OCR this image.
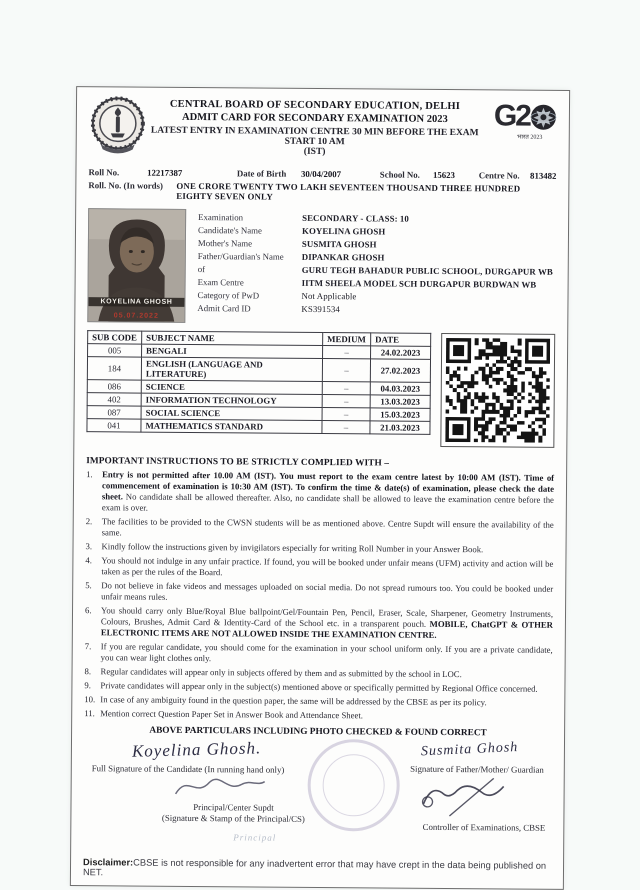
CENTRAL BOARD OF SECONDARY EDUCATION, DELHI
ADMIT CARD FOR SECONDARY EXAMINATION 2023
LATEST ENTRY IN EXAMINATION CENTRE 30 MIN BEFORE THE EXAM START 10 AM
(IST)
G2
भारत 2023
Roll No.	12217387	Date of Birth	30/04/2007	School No.	15623	Centre No.	813482
Roll. No. (In words)	ONE CRORE TWENTY TWO LAKH SEVENTEEN THOUSAND THREE HUNDRED EIGHTY SEVEN ONLY
KOYELINA GHOSH
05.07.2022
Examination	SECONDARY - CLASS: 10
Candidate's Name	KOYELINA GHOSH
Mother's Name	SUSMITA GHOSH
Father/Guardian's Name	DIPANKAR GHOSH
of	GURU TEGH BAHADUR PUBLIC SCHOOL, DURGAPUR WB
Exam Centre	IITM SHEELA MODEL SCH DURGAPUR BURDWAN WB
Category of PwD	Not Applicable
Admit Card ID	KS391534
SUB CODE	SUBJECT NAME	MEDIUM	DATE
005	BENGALI	–	24.02.2023
184	ENGLISH (LANGUAGE AND LITERATURE)	–	27.02.2023
086	SCIENCE	–	04.03.2023
402	INFORMATION TECHNOLOGY	–	13.03.2023
087	SOCIAL SCIENCE	–	15.03.2023
041	MATHEMATICS STANDARD	–	21.03.2023
IMPORTANT INSTRUCTIONS TO BE STRICTLY COMPLIED WITH –
1.	Entry is not permitted after 10.00 AM (IST). You must report to the exam centre latest by 10:00 AM (IST). Time of commencement of examination is 10:30 AM (IST). To confirm the time & date(s) of examination, please check the date sheet. No candidate shall be allowed thereafter. Also, no candidate shall be allowed to leave the examination centre before the exam is over.
2.	The facilities to be provided to the CWSN students will be as mentioned above. Centre Supdt will ensure the availability of the same.
3.	Kindly follow the instructions given by invigilators especially for writing Roll Number in your Answer Book.
4.	You should not indulge in any unfair practice. If found, you will be booked under unfair means (UFM) activity and action will be taken as per the rules of the Board.
5.	Do not believe in fake videos and messages uploaded on social media. Do not spread rumours too. You could be booked under unfair means rules.
6.	You should carry only Blue/Royal Blue ballpoint/Gel/Fountain Pen, Pencil, Eraser, Scale, Sharpener, Geometry Instruments, Colours, Brushes, Admit Card & Identity-Card of the School etc. in a transparent pouch. MOBILE, ChatGPT & OTHER ELECTRONIC ITEMS ARE NOT ALLOWED INSIDE THE EXAMINATION CENTRE.
7.	If you are regular candidate, you should come for the examination in your school uniform only. If you are a private candidate, you can wear light clothes only.
8.	Regular candidates will appear only in subjects offered by them and as submitted by the school in LOC.
9.	Private candidates will appear only in the subject(s) mentioned above or specifically permitted by Regional Office concerned.
10. In case of any ambiguity found in the question paper, the same will be addressed by the CBSE as per its policy.
11. Mention correct Question Paper Set in Answer Book and Attendance Sheet.
ABOVE PARTICULARS INCLUDING PHOTO CHECKED & FOUND CORRECT
Koyelina Ghosh.
Full Signature of the Candidate (In running hand only)
Principal/Center Supdt
(Signature & Stamp of the Principal/CS)
Principal
Susmita Ghosh
Signature of Father/Mother/ Guardian
Controller of Examinations, CBSE
Disclaimer:CBSE is not responsible for any inadvertent error that may have crept in the data being published on NET.
